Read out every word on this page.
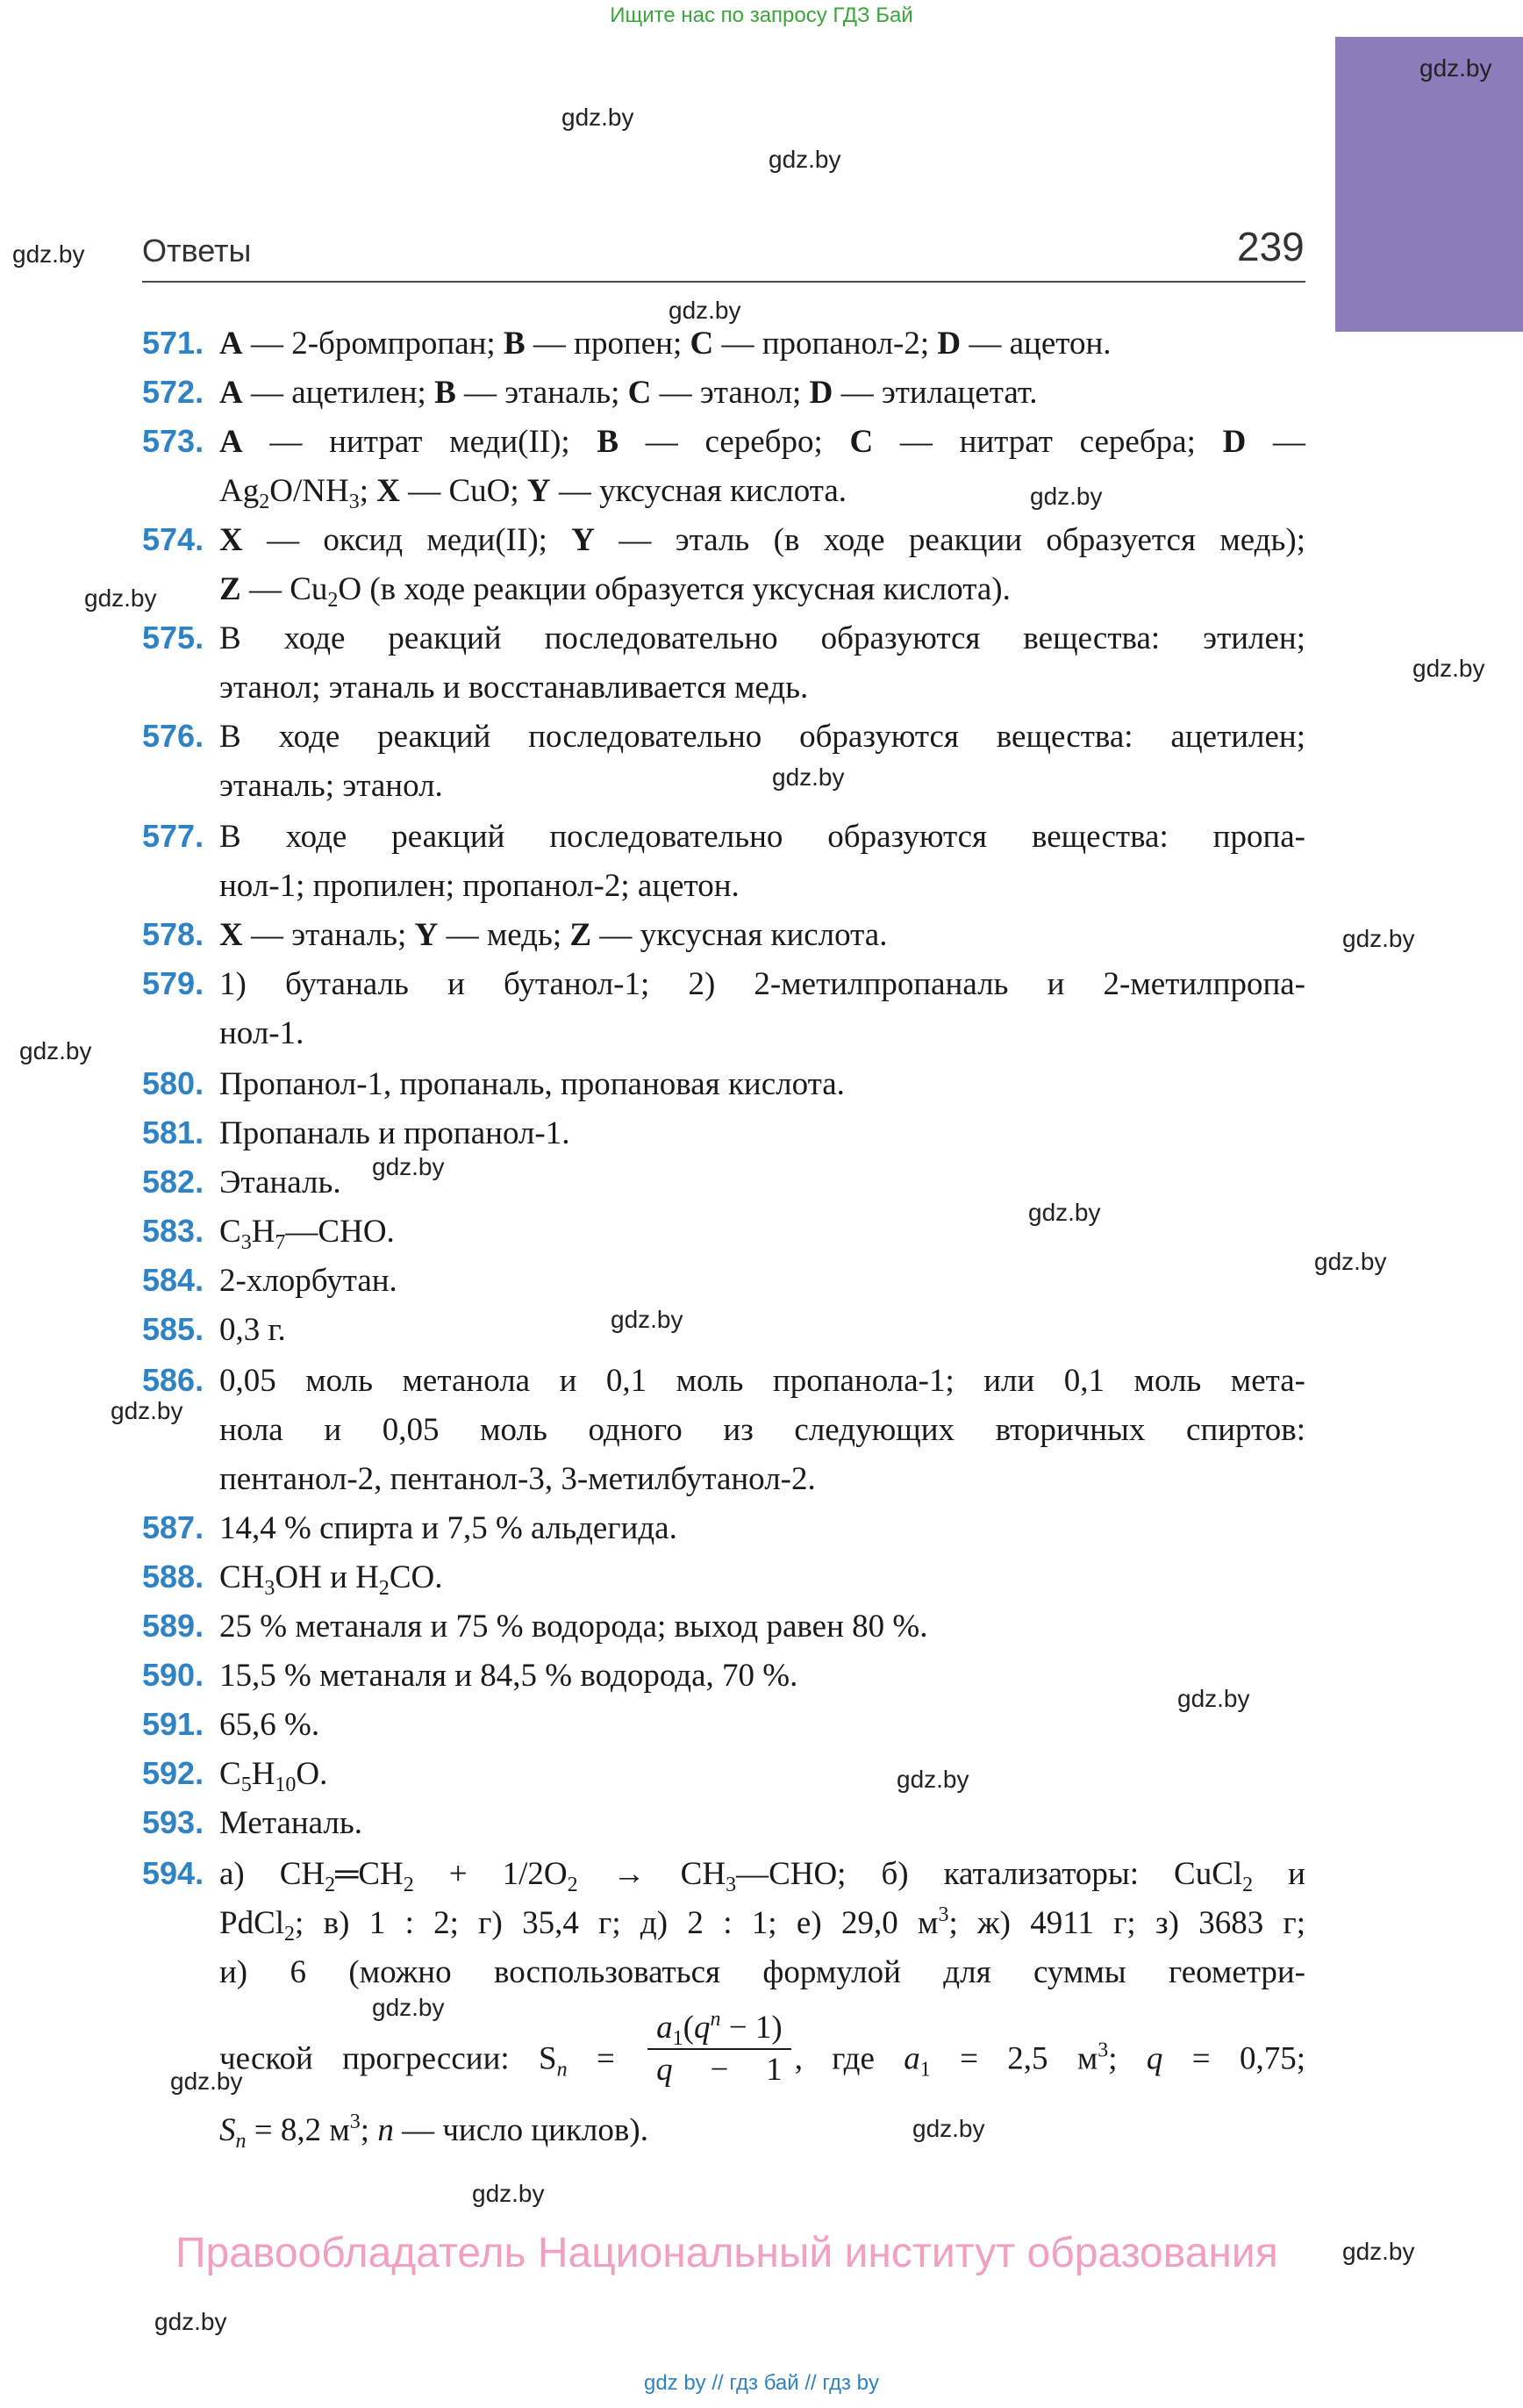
Ищите нас по запросу ГДЗ Бай
gdz.by
gdz.by
gdz.by
gdz.by
gdz.by
gdz.by
gdz.by
gdz.by
gdz.by
gdz.by
gdz.by
gdz.by
gdz.by
gdz.by
gdz.by
gdz.by
gdz.by
gdz.by
gdz.by
gdz.by
gdz.by
gdz.by
gdz.by
gdz.by
Ответы	239
571. A — 2-бромпропан; B — пропен; C — пропанол-2; D — ацетон.
572. A — ацетилен; B — этаналь; C — этанол; D — этилацетат.
573. A — нитрат меди(II); B — серебро; C — нитрат серебра; D —
$Ag_2O/NH_3$; X — CuO; Y — уксусная кислота.
574. X — оксид меди(II); Y — эталь (в ходе реакции образуется медь);
Z — $Cu_2O$ (в ходе реакции образуется уксусная кислота).
575. В ходе реакций последовательно образуются вещества: этилен;
этанол; этаналь и восстанавливается медь.
576. В ходе реакций последовательно образуются вещества: ацетилен;
этаналь; этанол.
577. В ходе реакций последовательно образуются вещества: пропа-
нол-1; пропилен; пропанол-2; ацетон.
578. X — этаналь; Y — медь; Z — уксусная кислота.
579. 1) бутаналь и бутанол-1; 2) 2-метилпропаналь и 2-метилпропа-
нол-1.
580. Пропанол-1, пропаналь, пропановая кислота.
581. Пропаналь и пропанол-1.
582. Этаналь.
583. $C_3H_7—CHO$.
584. 2-хлорбутан.
585. 0,3 г.
586. 0,05 моль метанола и 0,1 моль пропанола-1; или 0,1 моль мета-
нола и 0,05 моль одного из следующих вторичных спиртов:
пентанол-2, пентанол-3, 3-метилбутанол-2.
587. 14,4 % спирта и 7,5 % альдегида.
588. $CH_3OH$ и $H_2CO$.
589. 25 % метаналя и 75 % водорода; выход равен 80 %.
590. 15,5 % метаналя и 84,5 % водорода, 70 %.
591. 65,6 %.
592. $C_5H_{10}O$.
593. Метаналь.
594. а) $CH_2═CH_2 + 1/2O_2$ → $CH_3—CHO$; б) катализаторы: CuCl$_2$ и
PdCl$_2$; в) 1 : 2; г) 35,4 г; д) 2 : 1; е) 29,0 $м^3$; ж) 4911 г; з) 3683 г;
и) 6 (можно воспользоваться формулой для суммы геометри-
ческой прогрессии: $S_n = \frac{a_1(q^n - 1)}{q - 1}$ , где $a_1 = 2,5$ $м^3$; q = 0,75;
$S_n = 8,2$ $м^3$; n — число циклов).
Правообладатель Национальный институт образования
gdz by // гдз бай // гдз by
